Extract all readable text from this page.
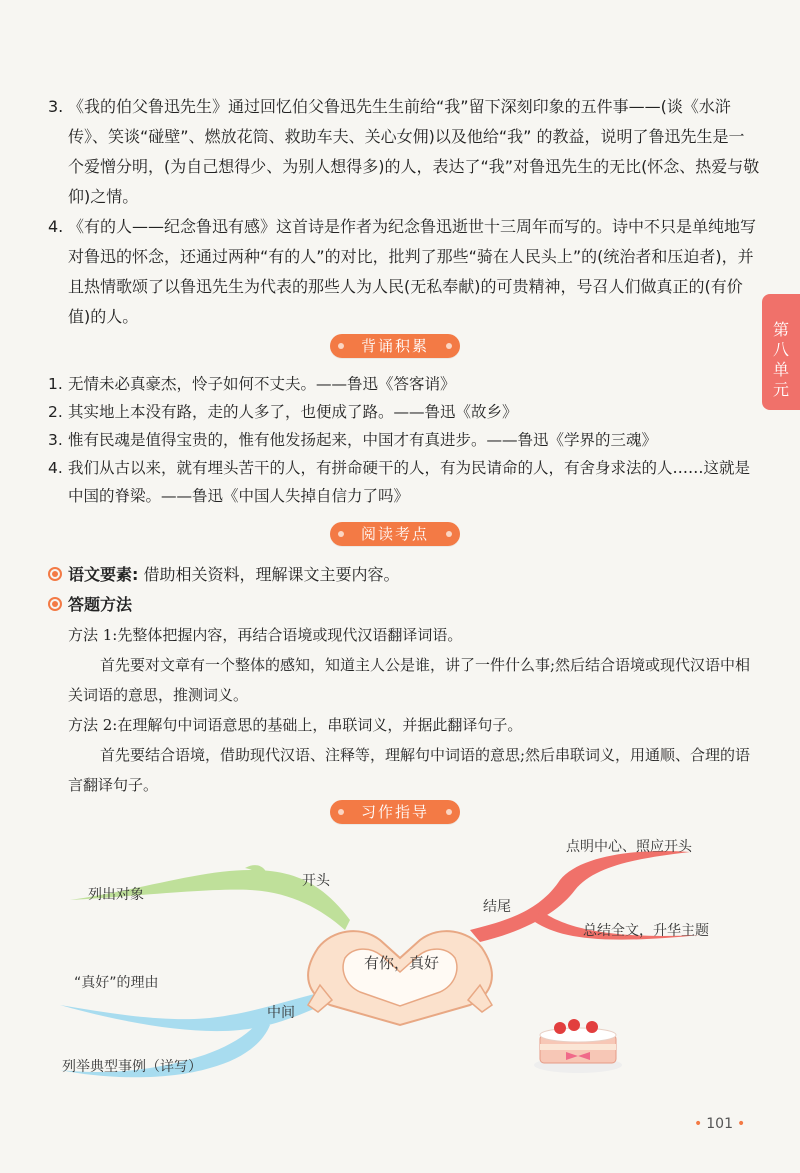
3. 《我的伯父鲁迅先生》通过回忆伯父鲁迅先生生前给“我”留下深刻印象的五件事——(谈《水浒传》、笑谈“碰壁”、燃放花筒、救助车夫、关心女佣)以及他给“我” 的教益，说明了鲁迅先生是一个爱憎分明，(为自己想得少、为别人想得多)的人，表达了“我”对鲁迅先生的无比(怀念、热爱与敬仰)之情。
4. 《有的人——纪念鲁迅有感》这首诗是作者为纪念鲁迅逝世十三周年而写的。诗中不只是单纯地写对鲁迅的怀念，还通过两种“有的人”的对比，批判了那些“骑在人民头上”的(统治者和压迫者)，并且热情歌颂了以鲁迅先生为代表的那些人为人民(无私奉献)的可贵精神，号召人们做真正的(有价值)的人。
第八单元
背诵积累
1. 无情未必真豪杰，怜子如何不丈夫。——鲁迅《答客诮》
2. 其实地上本没有路，走的人多了，也便成了路。——鲁迅《故乡》
3. 惟有民魂是值得宝贵的，惟有他发扬起来，中国才有真进步。——鲁迅《学界的三魂》
4. 我们从古以来，就有埋头苦干的人，有拼命硬干的人，有为民请命的人，有舍身求法的人……这就是中国的脊梁。——鲁迅《中国人失掉自信力了吗》
阅读考点
语文要素: 借助相关资料，理解课文主要内容。
答题方法
方法 1:先整体把握内容，再结合语境或现代汉语翻译词语。
首先要对文章有一个整体的感知，知道主人公是谁，讲了一件什么事;然后结合语境或现代汉语中相关词语的意思，推测词义。
方法 2:在理解句中词语意思的基础上，串联词义，并据此翻译句子。
首先要结合语境，借助现代汉语、注释等，理解句中词语的意思;然后串联词义，用通顺、合理的语言翻译句子。
习作指导
有你，真好
开头
列出对象
结尾
点明中心、照应开头
总结全文，升华主题
中间
“真好”的理由
列举典型事例（详写）
• 101 •
